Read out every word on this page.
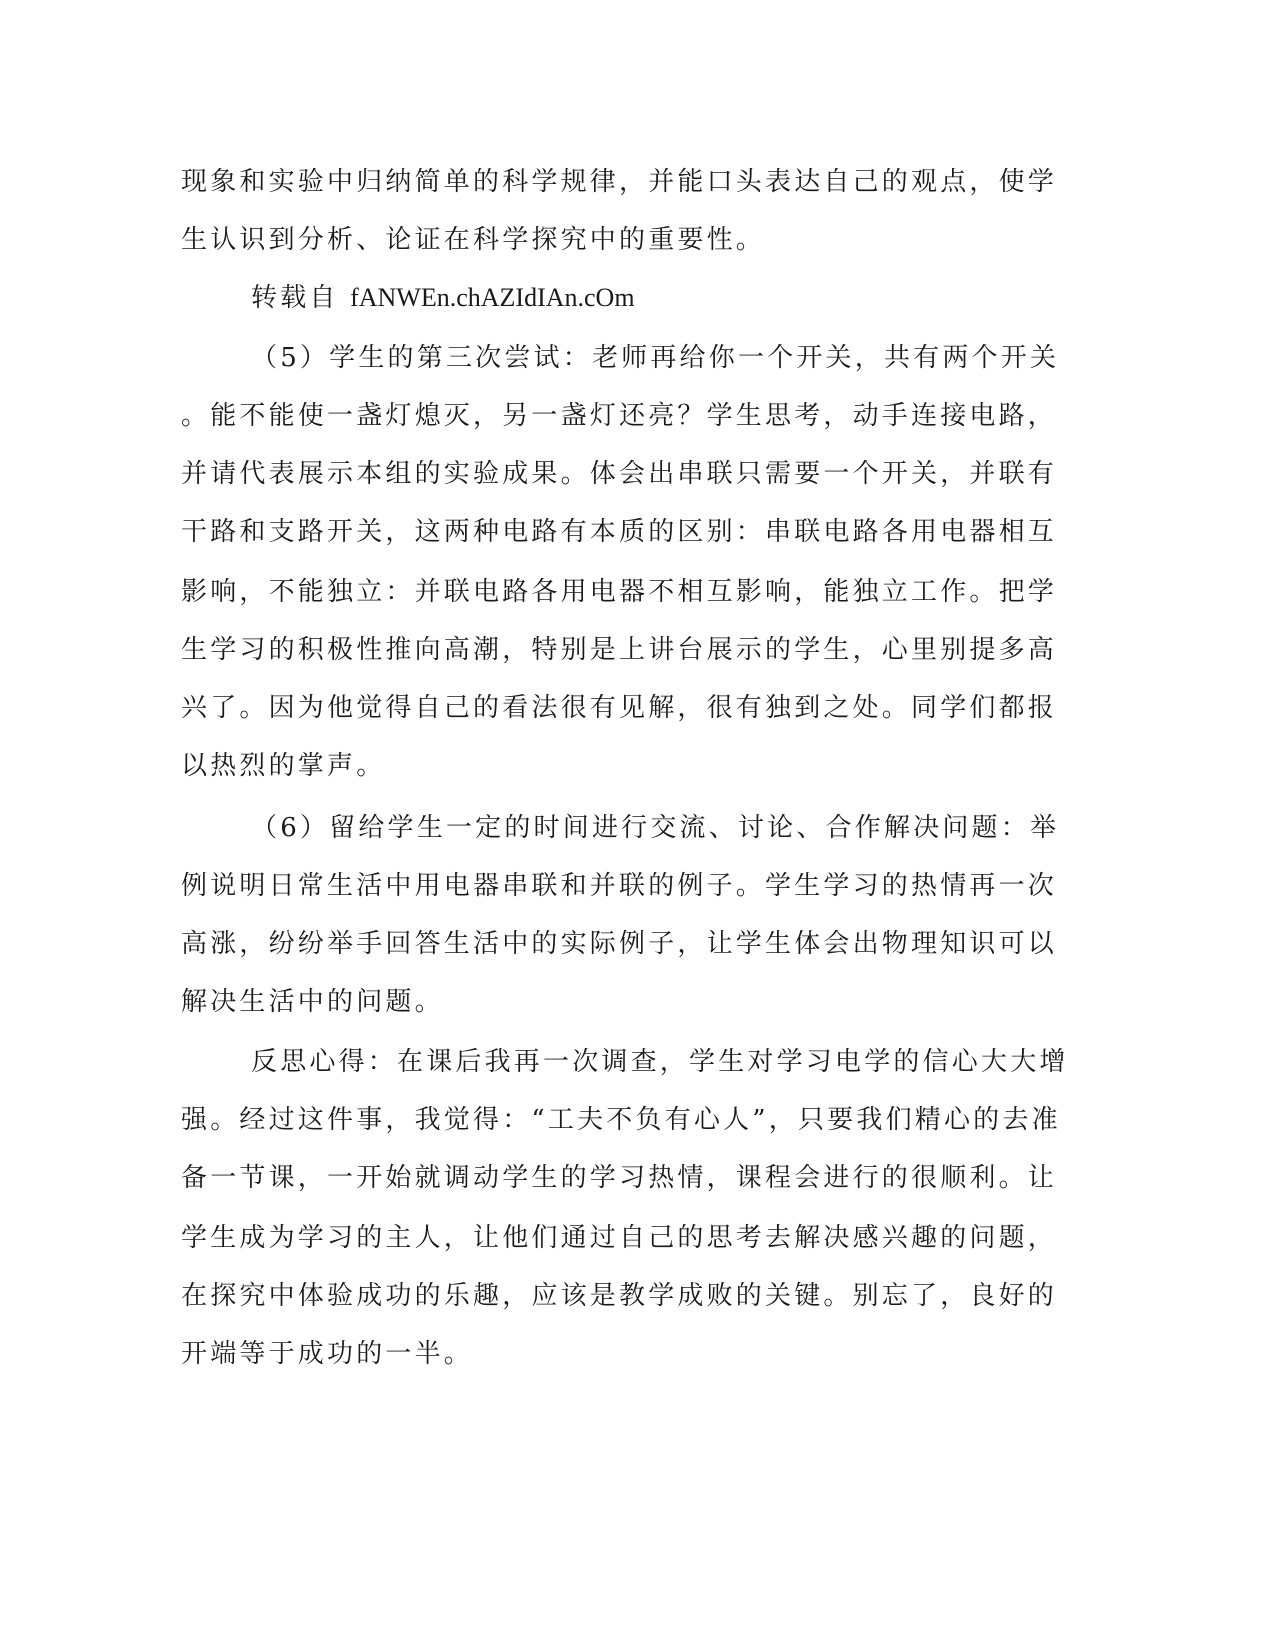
现象和实验中归纳简单的科学规律，并能口头表达自己的观点，使学
生认识到分析、论证在科学探究中的重要性。
转载自 fANWEn.chAZIdIAn.cOm
（5）学生的第三次尝试：老师再给你一个开关，共有两个开关
。能不能使一盏灯熄灭，另一盏灯还亮？学生思考，动手连接电路，
并请代表展示本组的实验成果。体会出串联只需要一个开关，并联有
干路和支路开关，这两种电路有本质的区别：串联电路各用电器相互
影响，不能独立：并联电路各用电器不相互影响，能独立工作。把学
生学习的积极性推向高潮，特别是上讲台展示的学生，心里别提多高
兴了。因为他觉得自己的看法很有见解，很有独到之处。同学们都报
以热烈的掌声。
（6）留给学生一定的时间进行交流、讨论、合作解决问题：举
例说明日常生活中用电器串联和并联的例子。学生学习的热情再一次
高涨，纷纷举手回答生活中的实际例子，让学生体会出物理知识可以
解决生活中的问题。
反思心得：在课后我再一次调查，学生对学习电学的信心大大增
强。经过这件事，我觉得：“工夫不负有心人”，只要我们精心的去准
备一节课，一开始就调动学生的学习热情，课程会进行的很顺利。让
学生成为学习的主人，让他们通过自己的思考去解决感兴趣的问题，
在探究中体验成功的乐趣，应该是教学成败的关键。别忘了，良好的
开端等于成功的一半。
